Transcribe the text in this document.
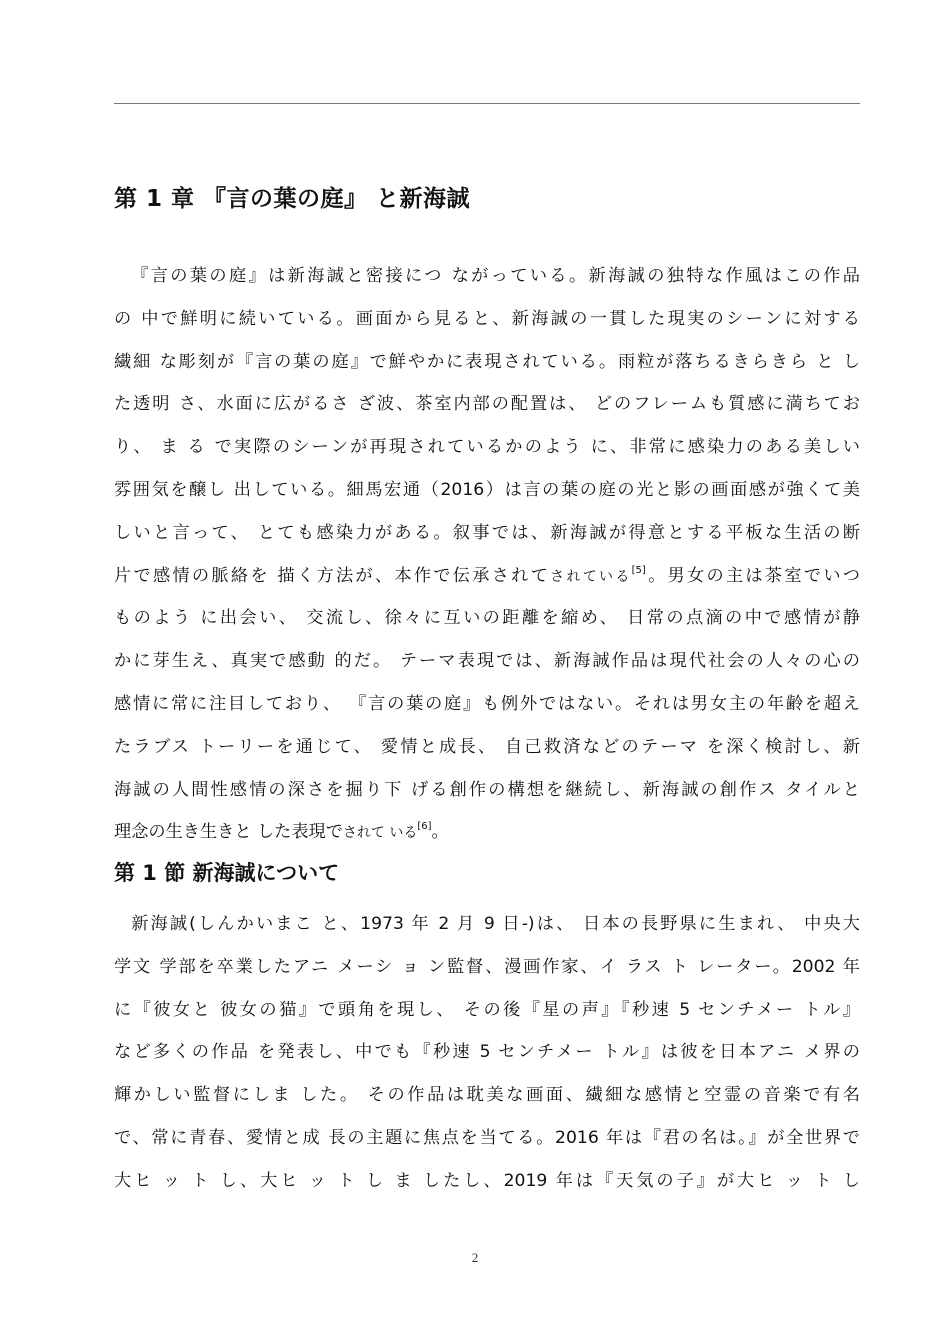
第 1 章 『言の葉の庭』 と新海誠
『言の葉の庭』は新海誠と密接につ ながっている。新海誠の独特な作風はこの作品
の 中で鮮明に続いている。画面から見ると、新海誠の一貫した現実のシーンに対する
繊細 な彫刻が『言の葉の庭』で鮮やかに表現されている。雨粒が落ちるきらきら と し
た透明 さ、水面に広がるさ ざ波、茶室内部の配置は、 どのフレームも質感に満ちてお
り、 ま る で実際のシーンが再現されているかのよう に、非常に感染力のある美しい
雰囲気を醸し 出している。細馬宏通（2016）は言の葉の庭の光と影の画面感が強くて美
しいと言って、 とても感染力がある。叙事では、新海誠が得意とする平板な生活の断
片で感情の脈絡を 描く方法が、本作で伝承されてされている[5]。男女の主は茶室でいつ
ものよう に出会い、 交流し、徐々に互いの距離を縮め、 日常の点滴の中で感情が静
かに芽生え、真実で感動 的だ。 テーマ表現では、新海誠作品は現代社会の人々の心の
感情に常に注目しており、 『言の葉の庭』も例外ではない。それは男女主の年齢を超え
たラブス トーリーを通じて、 愛情と成長、 自己救済などのテーマ を深く検討し、新
海誠の人間性感情の深さを掘り下 げる創作の構想を継続し、新海誠の創作ス タイルと
理念の生き生きと した表現でされて いる[6]。
第 1 節 新海誠について
新海誠(しんかいまこ と、1973 年 2 月 9 日-)は、 日本の長野県に生まれ、 中央大
学文 学部を卒業したアニ メーシ ョ ン監督、漫画作家、イ ラス ト レーター。2002 年
に『彼女と 彼女の猫』で頭角を現し、 その後『星の声』『秒速 5 センチメー トル』
など多くの作品 を発表し、中でも『秒速 5 センチメー トル』は彼を日本アニ メ界の
輝かしい監督にしま した。 その作品は耽美な画面、繊細な感情と空霊の音楽で有名
で、常に青春、愛情と成 長の主題に焦点を当てる。2016 年は『君の名は。』が全世界で
大ヒ ッ ト し、大ヒ ッ ト し ま したし、2019 年は『天気の子』が大ヒ ッ ト し
2
